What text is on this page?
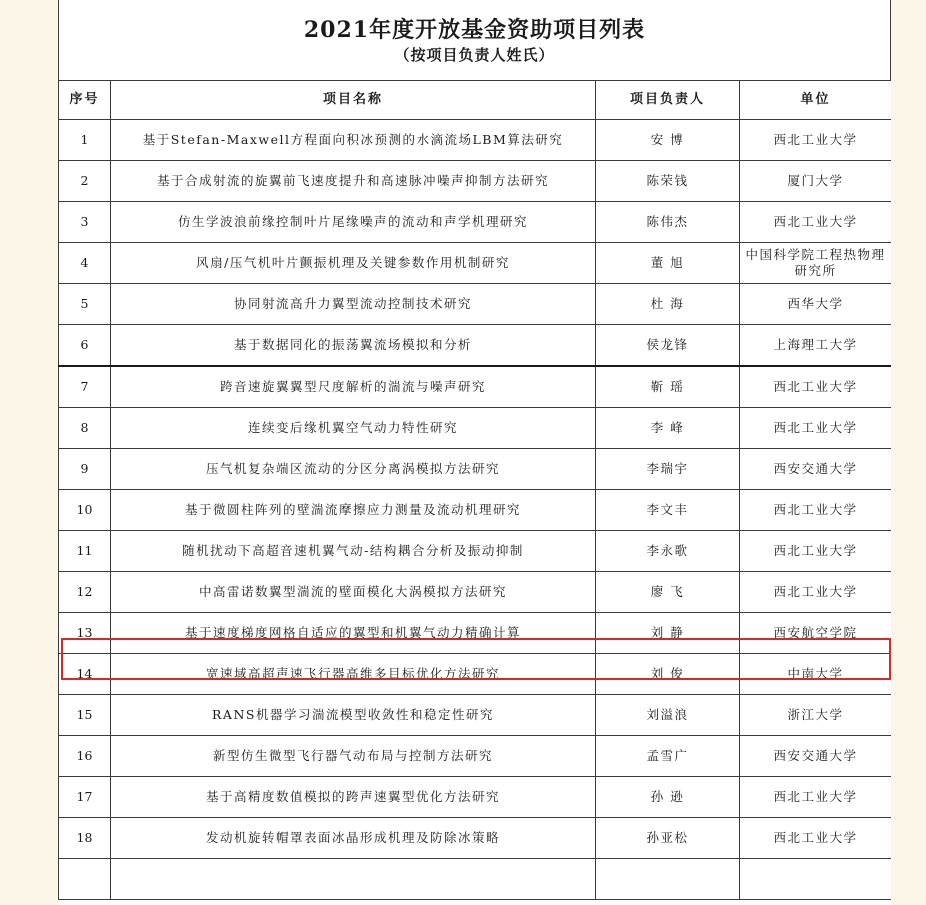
2021年度开放基金资助项目列表
（按项目负责人姓氏）
序号	项目名称	项目负责人	单位
1	基于Stefan-Maxwell方程面向积冰预测的水滴流场LBM算法研究	安 博	西北工业大学
2	基于合成射流的旋翼前飞速度提升和高速脉冲噪声抑制方法研究	陈荣钱	厦门大学
3	仿生学波浪前缘控制叶片尾缘噪声的流动和声学机理研究	陈伟杰	西北工业大学
4	风扇/压气机叶片颤振机理及关键参数作用机制研究	董 旭	中国科学院工程热物理研究所
5	协同射流高升力翼型流动控制技术研究	杜 海	西华大学
6	基于数据同化的振荡翼流场模拟和分析	侯龙锋	上海理工大学
7	跨音速旋翼翼型尺度解析的湍流与噪声研究	靳 瑶	西北工业大学
8	连续变后缘机翼空气动力特性研究	李 峰	西北工业大学
9	压气机复杂端区流动的分区分离涡模拟方法研究	李瑞宇	西安交通大学
10	基于微圆柱阵列的壁湍流摩擦应力测量及流动机理研究	李文丰	西北工业大学
11	随机扰动下高超音速机翼气动-结构耦合分析及振动抑制	李永歌	西北工业大学
12	中高雷诺数翼型湍流的壁面模化大涡模拟方法研究	廖 飞	西北工业大学
13	基于速度梯度网格自适应的翼型和机翼气动力精确计算	刘 静	西安航空学院
14	宽速域高超声速飞行器高维多目标优化方法研究	刘 俊	中南大学
15	RANS机器学习湍流模型收敛性和稳定性研究	刘溢浪	浙江大学
16	新型仿生微型飞行器气动布局与控制方法研究	孟雪广	西安交通大学
17	基于高精度数值模拟的跨声速翼型优化方法研究	孙 逊	西北工业大学
18	发动机旋转帽罩表面冰晶形成机理及防除冰策略	孙亚松	西北工业大学
